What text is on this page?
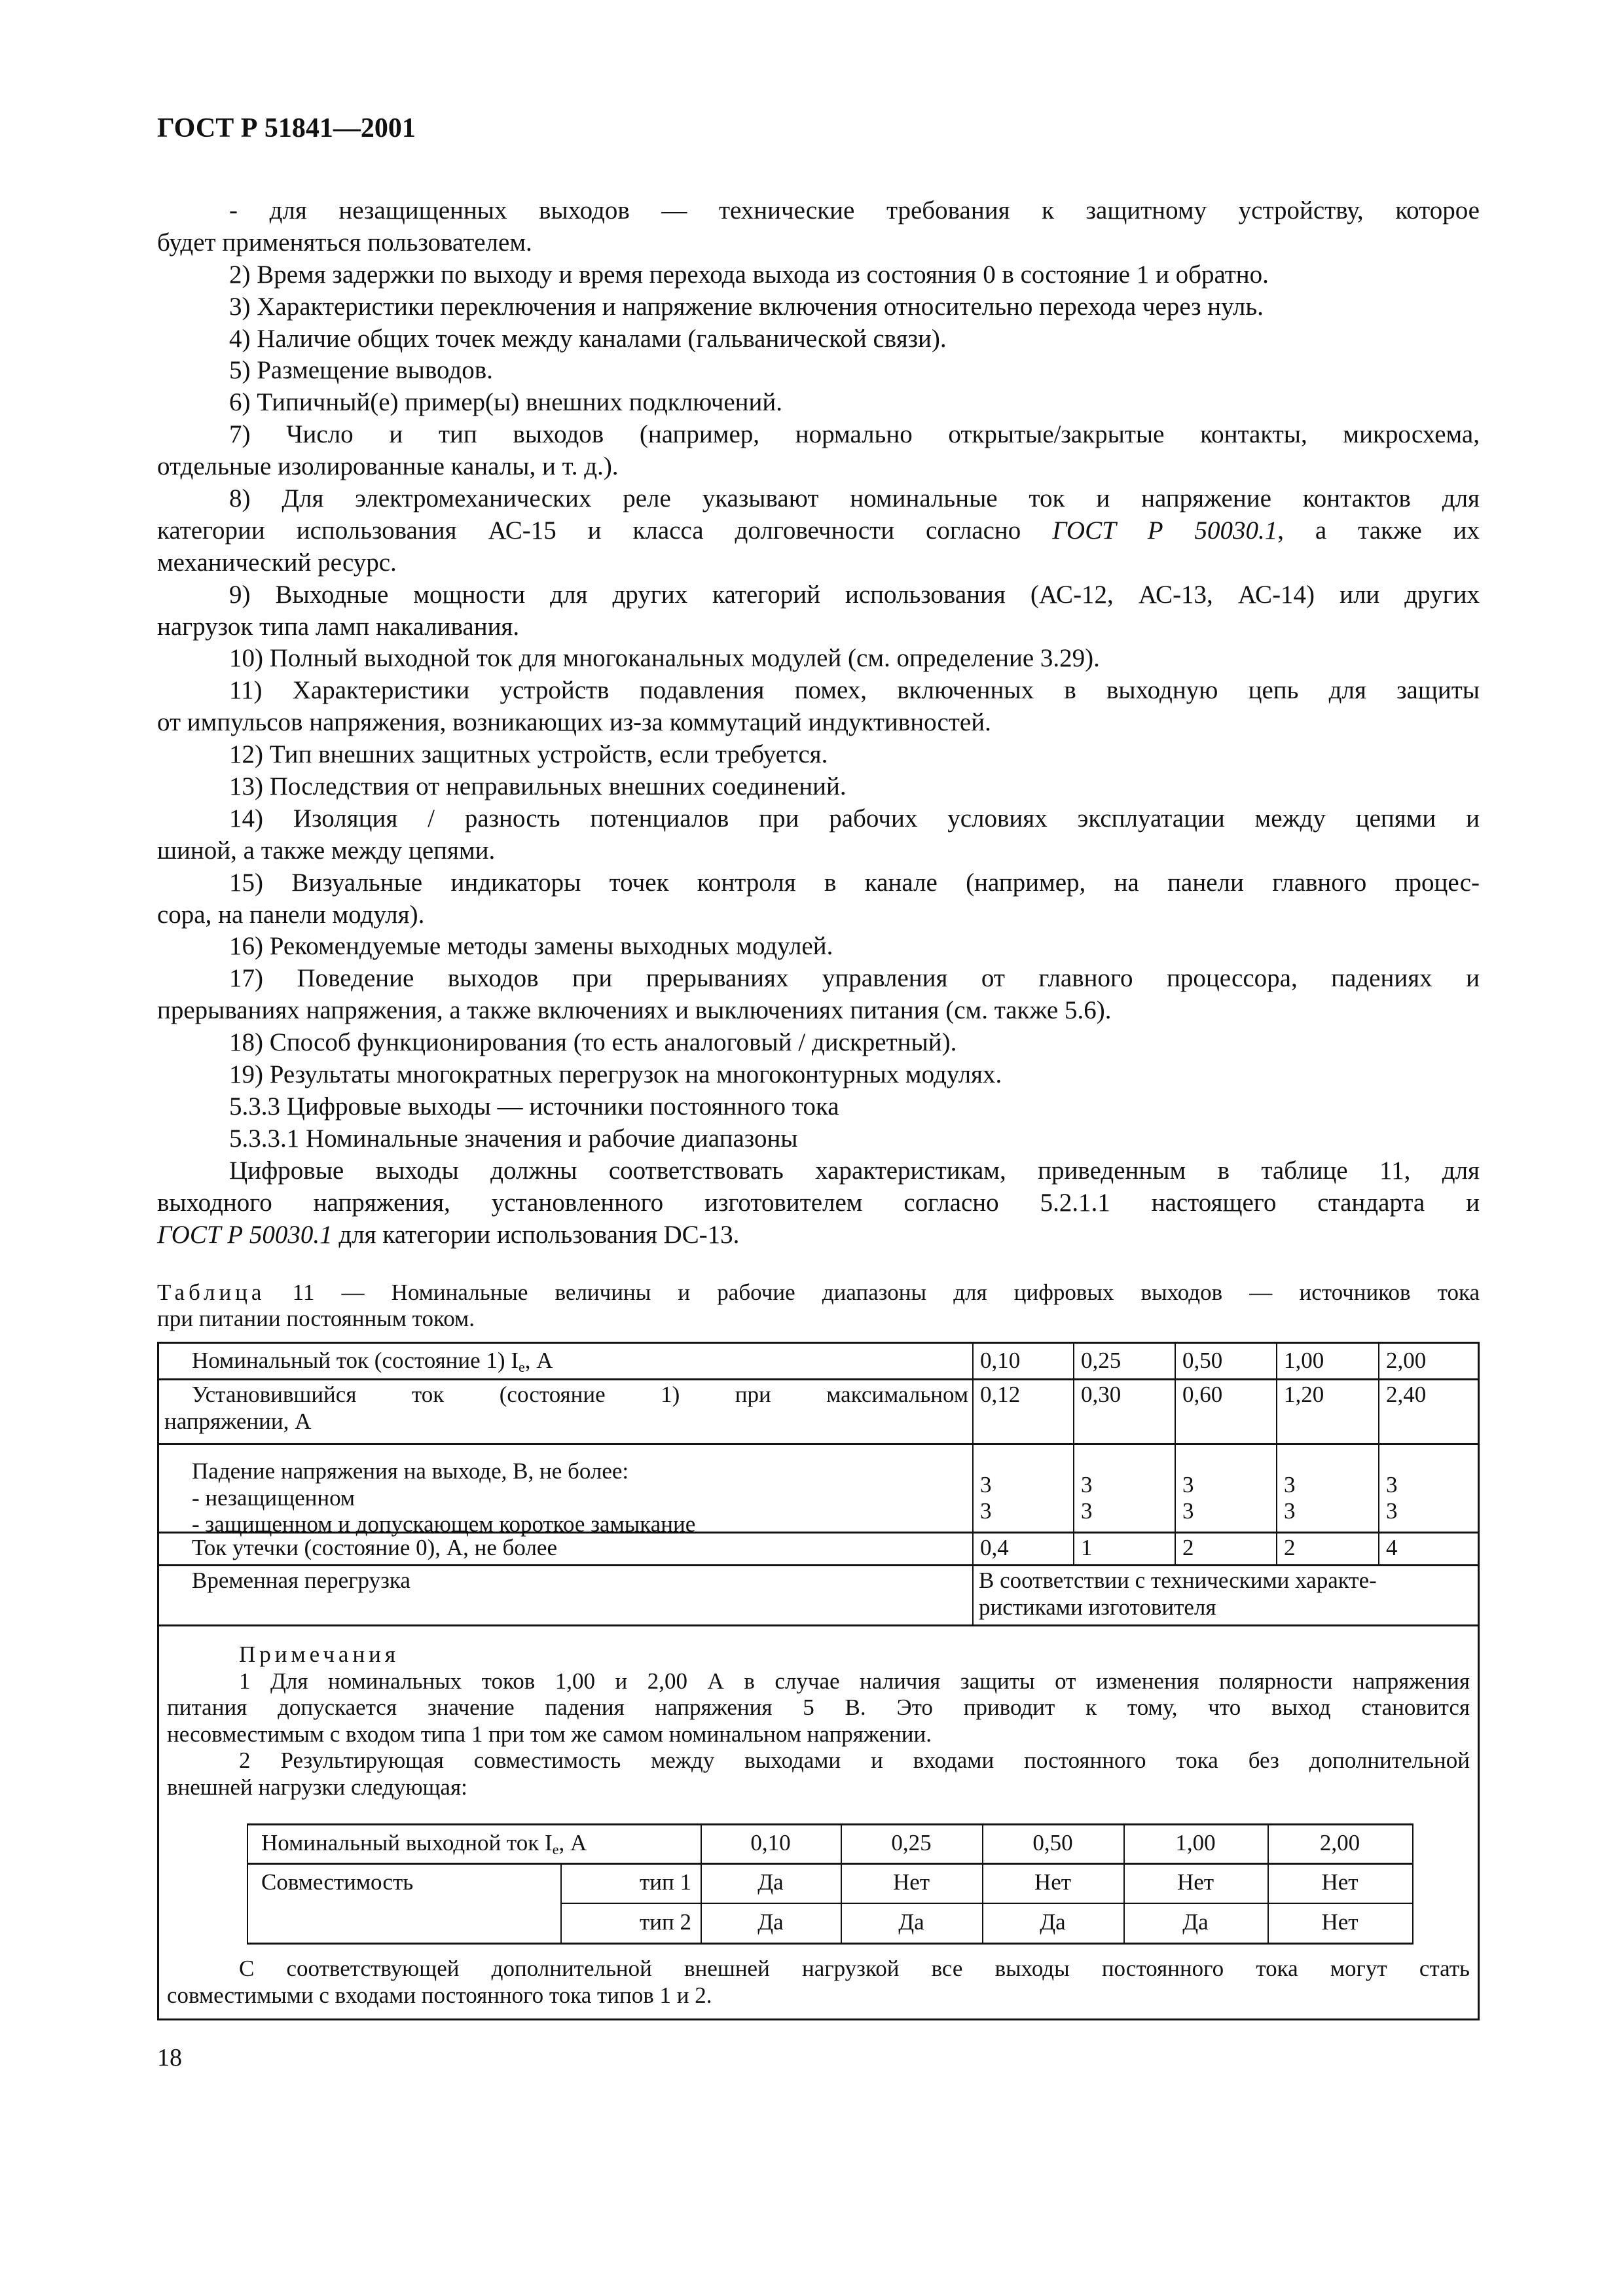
ГОСТ Р 51841—2001
- для незащищенных выходов — технические требования к защитному устройству, которое
будет применяться пользователем.
2) Время задержки по выходу и время перехода выхода из состояния 0 в состояние 1 и обратно.
3) Характеристики переключения и напряжение включения относительно перехода через нуль.
4) Наличие общих точек между каналами (гальванической связи).
5) Размещение выводов.
6) Типичный(е) пример(ы) внешних подключений.
7) Число и тип выходов (например, нормально открытые/закрытые контакты, микросхема,
отдельные изолированные каналы, и т. д.).
8) Для электромеханических реле указывают номинальные ток и напряжение контактов для
категории использования АС-15 и класса долговечности согласно ГОСТ Р 50030.1, а также их
механический ресурс.
9) Выходные мощности для других категорий использования (АС-12, АС-13, АС-14) или других
нагрузок типа ламп накаливания.
10) Полный выходной ток для многоканальных модулей (см. определение 3.29).
11) Характеристики устройств подавления помех, включенных в выходную цепь для защиты
от импульсов напряжения, возникающих из-за коммутаций индуктивностей.
12) Тип внешних защитных устройств, если требуется.
13) Последствия от неправильных внешних соединений.
14) Изоляция / разность потенциалов при рабочих условиях эксплуатации между цепями и
шиной, а также между цепями.
15) Визуальные индикаторы точек контроля в канале (например, на панели главного процес-
сора, на панели модуля).
16) Рекомендуемые методы замены выходных модулей.
17) Поведение выходов при прерываниях управления от главного процессора, падениях и
прерываниях напряжения, а также включениях и выключениях питания (см. также 5.6).
18) Способ функционирования (то есть аналоговый / дискретный).
19) Результаты многократных перегрузок на многоконтурных модулях.
5.3.3 Цифровые выходы — источники постоянного тока
5.3.3.1 Номинальные значения и рабочие диапазоны
Цифровые выходы должны соответствовать характеристикам, приведенным в таблице 11, для
выходного напряжения, установленного изготовителем согласно 5.2.1.1 настоящего стандарта и
ГОСТ Р 50030.1 для категории использования DC-13.
Таблица 11 — Номинальные величины и рабочие диапазоны для цифровых выходов — источников тока
при питании постоянным током.
Номинальный ток (состояние 1) $I_e$, А
Установившийся ток (состояние 1) при максимальном
напряжении, А
Падение напряжения на выходе, В, не более:
- незащищенном
- защищенном и допускающем короткое замыкание
Ток утечки (состояние 0), А, не более
Временная перегрузка	В соответствии с техническими характе-
ристиками изготовителя
Примечания
1 Для номинальных токов 1,00 и 2,00 А в случае наличия защиты от изменения полярности напряжения
питания допускается значение падения напряжения 5 В. Это приводит к тому, что выход становится
несовместимым с входом типа 1 при том же самом номинальном напряжении.
2 Результирующая совместимость между выходами и входами постоянного тока без дополнительной
внешней нагрузки следующая:
Номинальный выходной ток $I_e$, А
Совместимость	тип 1
тип 2
0,10
Да
Да
0,25
Нет
Да
0,50
Нет
Да
1,00
Нет
Да
2,00
Нет
Нет
С соответствующей дополнительной внешней нагрузкой все выходы постоянного тока могут стать
совместимыми с входами постоянного тока типов 1 и 2.
0,10
0,12
3
3
0,4
0,25
0,30
3
3
1
0,50
0,60
3
3
2
1,00
1,20
3
3
2
2,00
2,40
3
3
4
18
